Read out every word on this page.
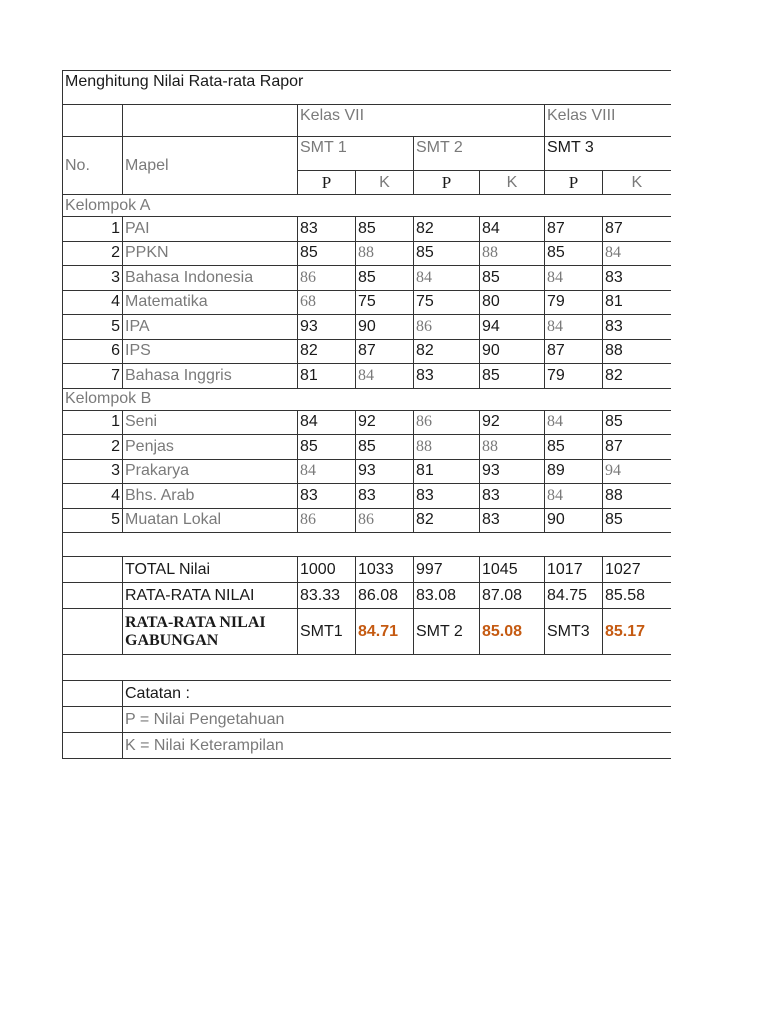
Menghitung Nilai Rata-rata Rapor							
		Kelas VII				Kelas VIII	
No.	Mapel	SMT 1		SMT 2		SMT 3	
		P	K	P	K	P	K
Kelompok A							
1	PAI	83	85	82	84	87	87
2	PPKN	85	88	85	88	85	84
3	Bahasa Indonesia	86	85	84	85	84	83
4	Matematika	68	75	75	80	79	81
5	IPA	93	90	86	94	84	83
6	IPS	82	87	82	90	87	88
7	Bahasa Inggris	81	84	83	85	79	82
Kelompok B							
1	Seni	84	92	86	92	84	85
2	Penjas	85	85	88	88	85	87
3	Prakarya	84	93	81	93	89	94
4	Bhs. Arab	83	83	83	83	84	88
5	Muatan Lokal	86	86	82	83	90	85

	TOTAL Nilai	1000	1033	997	1045	1017	1027
	RATA-RATA NILAI	83.33	86.08	83.08	87.08	84.75	85.58
	RATA-RATA NILAI GABUNGAN	SMT1	84.71	SMT 2	85.08	SMT3	85.17

	Catatan :						
	P = Nilai Pengetahuan						
	K = Nilai Keterampilan						
